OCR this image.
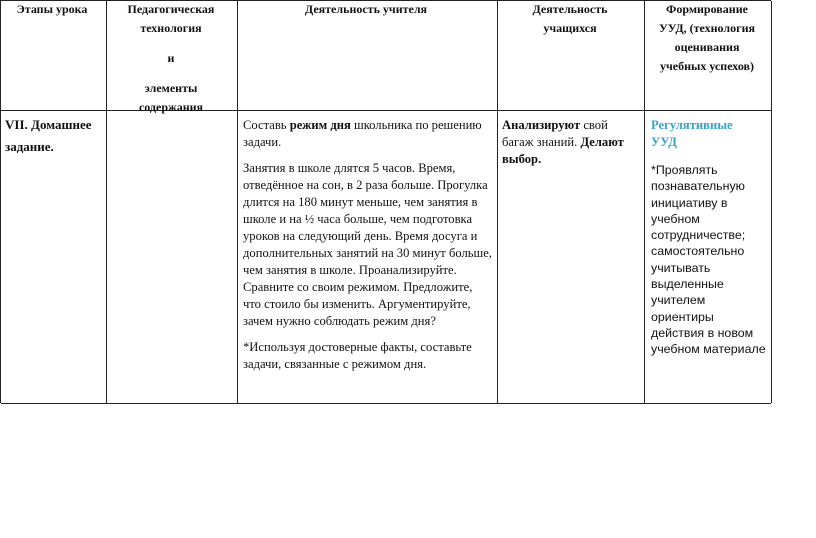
Этапы урока	Педагогическая

технология

и

элементы

содержания

Деятельность учителя	Деятельность

учащихся

Формирование

УУД, (технология

оценивания

учебных успехов)

VII. Домашнее задание.

Составь режим дня школьника по решению задачи.

Занятия в школе длятся 5 часов. Время, отведённое на сон, в 2 раза больше. Прогулка длится на 180 минут меньше, чем занятия в школе и на ½ часа больше, чем подготовка уроков на следующий день. Время досуга и дополнительных занятий на 30 минут больше, чем занятия в школе. Проанализируйте. Сравните со своим режимом. Предложите, что стоило бы изменить. Аргументируйте, зачем нужно соблюдать режим дня?

*Используя достоверные факты, составьте задачи, связанные с режимом дня.

Анализируют свой багаж знаний. Делают выбор.

Регулятивные
УУД

*Проявлять познавательную инициативу в учебном сотрудничестве; самостоятельно учитывать выделенные учителем ориентиры действия в новом учебном материале
